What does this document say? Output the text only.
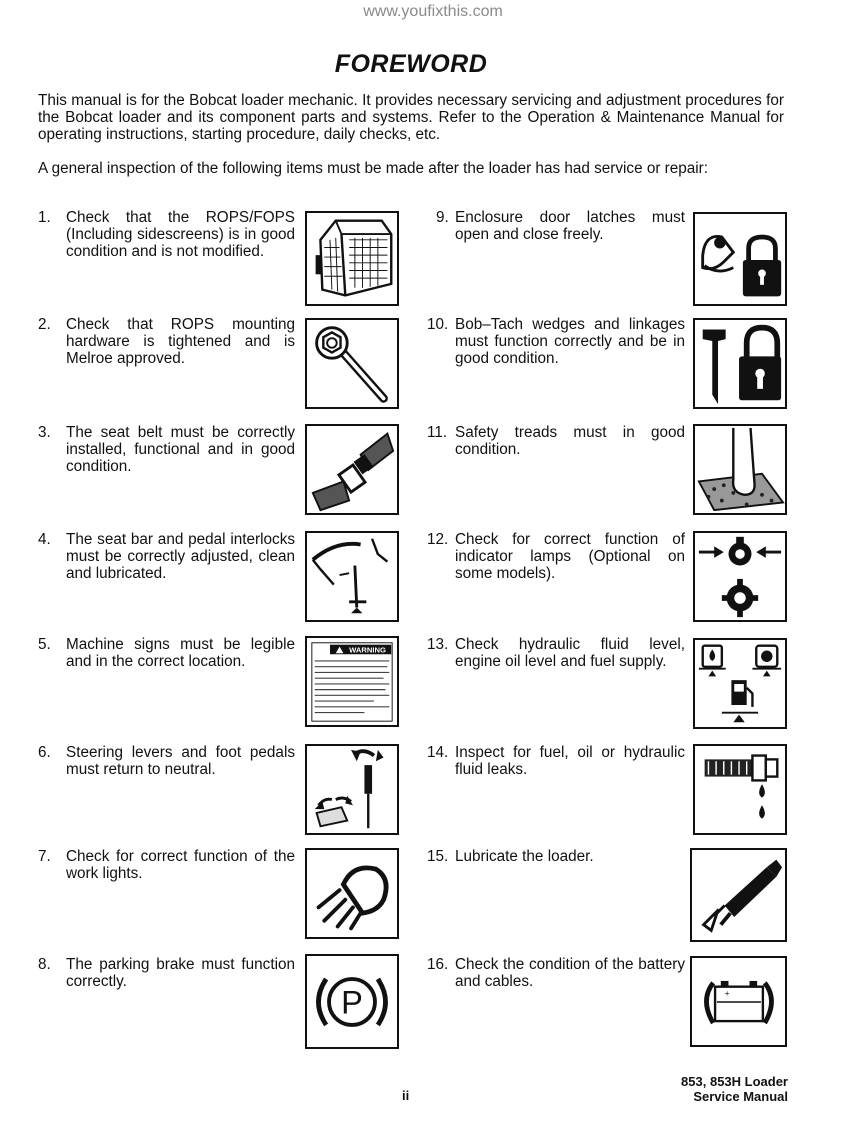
www.youfixthis.com
FOREWORD
This manual is for the Bobcat loader mechanic. It provides necessary servicing and adjustment procedures for the Bobcat loader and its component parts and systems. Refer to the Operation & Maintenance Manual for operating instructions, starting procedure, daily checks, etc.
A general inspection of the following items must be made after the loader has had service or repair:
1. Check that the ROPS/FOPS (Including sidescreens) is in good condition and is not modified.
2. Check that ROPS mounting hardware is tightened and is Melroe approved.
3. The seat belt must be correctly installed, functional and in good condition.
4. The seat bar and pedal interlocks must be correctly adjusted, clean and lubricated.
5. Machine signs must be legible and in the correct location.
6. Steering levers and foot pedals must return to neutral.
7. Check for correct function of the work lights.
8. The parking brake must function correctly.
9. Enclosure door latches must open and close freely.
10. Bob–Tach wedges and linkages must function correctly and be in good condition.
11. Safety treads must in good condition.
12. Check for correct function of indicator lamps (Optional on some models).
13. Check hydraulic fluid level, engine oil level and fuel supply.
14. Inspect for fuel, oil or hydraulic fluid leaks.
15. Lubricate the loader.
16. Check the condition of the battery and cables.
WARNING
P	+
ii
853, 853H Loader
Service Manual
